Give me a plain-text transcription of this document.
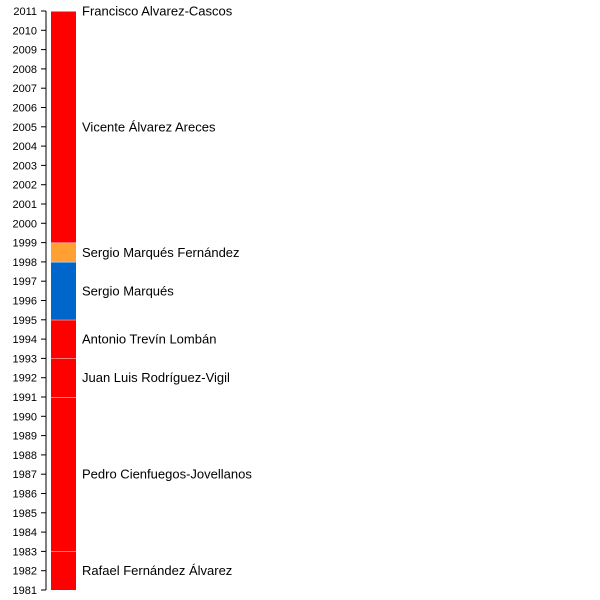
1981
1982
1983
1984
1985
1986
1987
1988
1989
1990
1991
1992
1993
1994
1995
1996
1997
1998
1999
2000
2001
2002
2003
2004
2005
2006
2007
2008
2009
2010
2011
Rafael Fernández Álvarez
Pedro Cienfuegos-Jovellanos
Juan Luis Rodríguez-Vigil
Antonio Trevín Lombán
Sergio Marqués
Sergio Marqués Fernández
Vicente Álvarez Areces
Francisco Alvarez-Cascos
